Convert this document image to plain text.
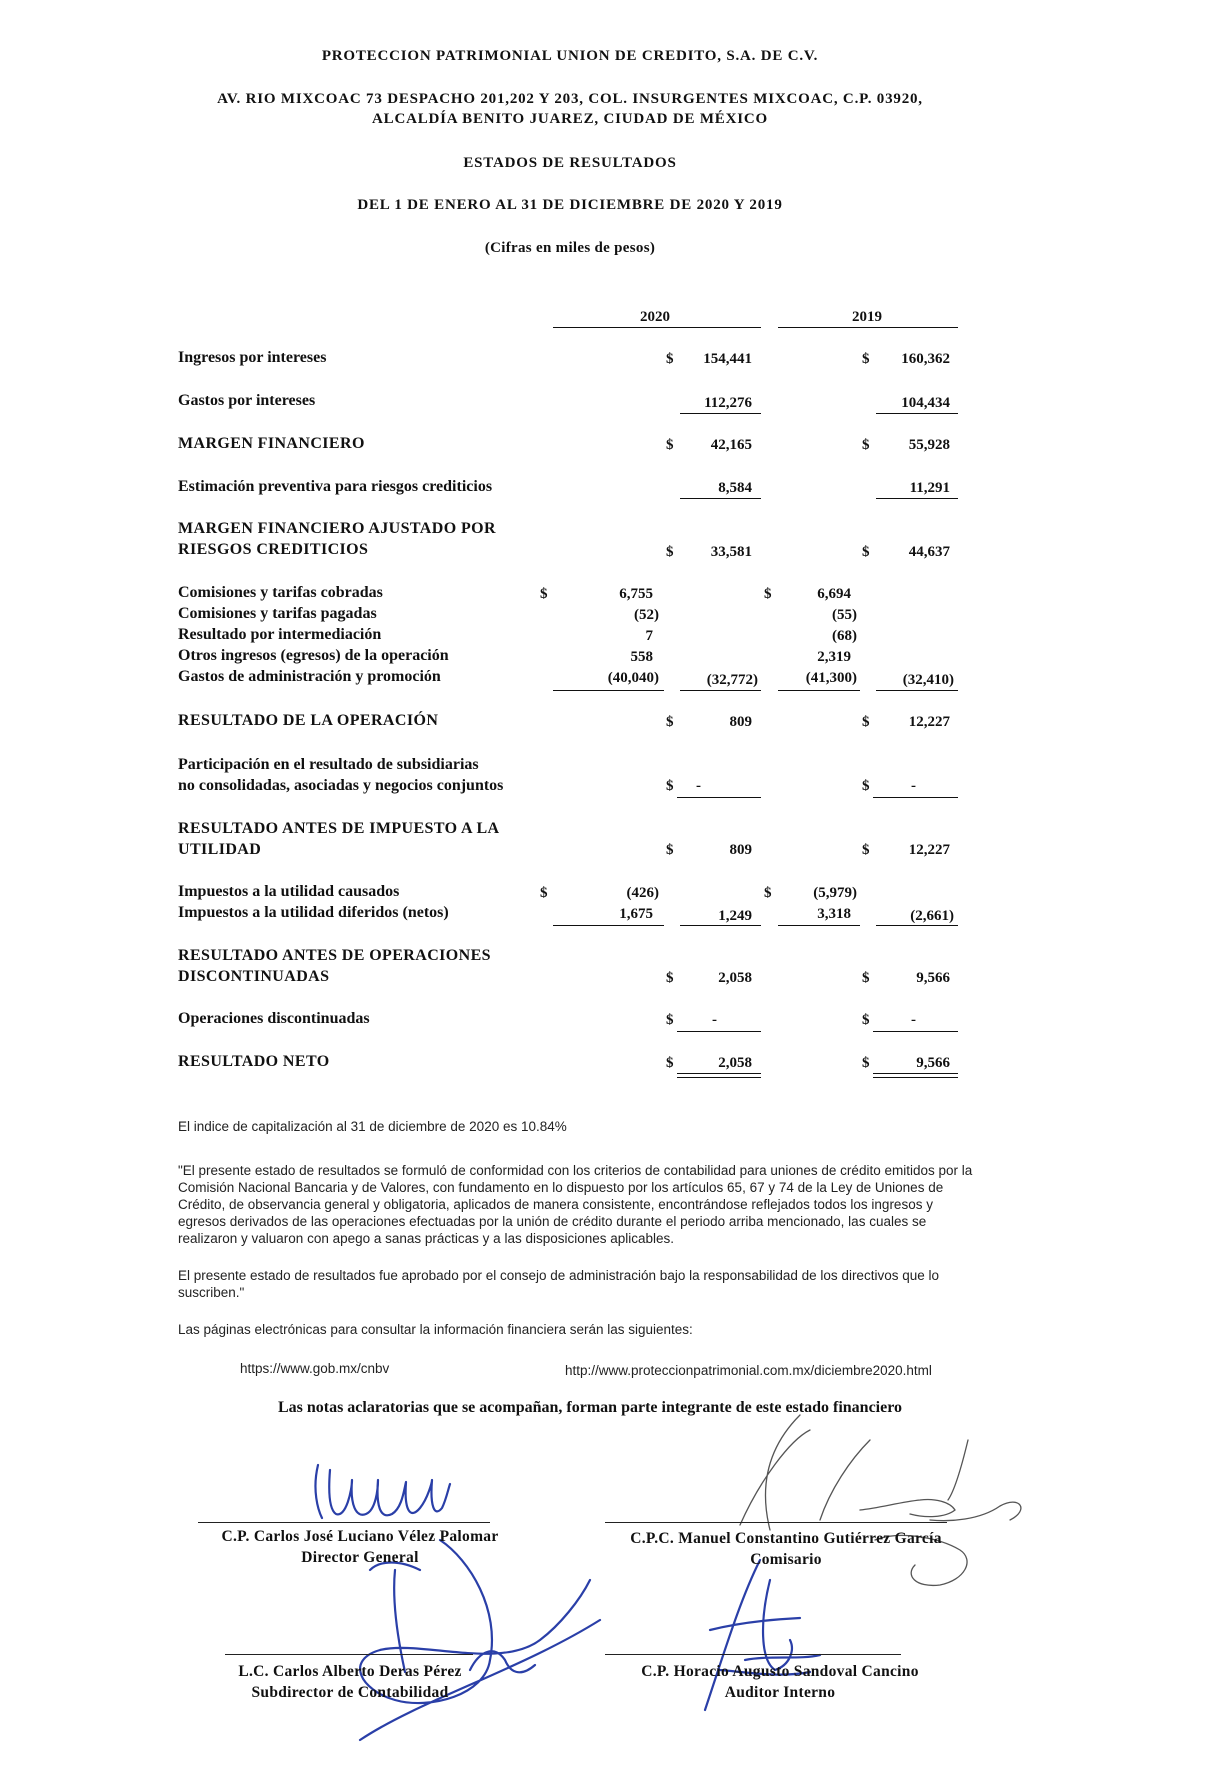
PROTECCION PATRIMONIAL UNION DE CREDITO, S.A. DE C.V.
AV. RIO MIXCOAC 73 DESPACHO 201,202 Y 203, COL. INSURGENTES MIXCOAC, C.P. 03920,
ALCALDÍA BENITO JUAREZ, CIUDAD DE MÉXICO
ESTADOS DE RESULTADOS
DEL 1 DE ENERO AL 31 DE DICIEMBRE DE 2020 Y 2019
(Cifras en miles de pesos)
2020	2019
Ingresos por intereses	$	154,441	$	160,362
Gastos por intereses	112,276	104,434
MARGEN FINANCIERO	$	42,165	$	55,928
Estimación preventiva para riesgos crediticios	8,584	11,291
MARGEN FINANCIERO AJUSTADO POR
RIESGOS CREDITICIOS	$	33,581	$	44,637
Comisiones y tarifas cobradas	$	6,755	$	6,694
Comisiones y tarifas pagadas	(52)	(55)
Resultado por intermediación	7	(68)
Otros ingresos (egresos) de la operación	558	2,319
Gastos de administración y promoción	(40,040)	(32,772)	(41,300)	(32,410)
RESULTADO DE LA OPERACIÓN	$	809	$	12,227
Participación en el resultado de subsidiarias
no consolidadas, asociadas y negocios conjuntos	$ -	$	-
RESULTADO ANTES DE IMPUESTO A LA
UTILIDAD	$	809	$	12,227
Impuestos a la utilidad causados	$	(426)	$	(5,979)
Impuestos a la utilidad diferidos (netos)	1,675	1,249	3,318	(2,661)
RESULTADO ANTES DE OPERACIONES
DISCONTINUADAS	$	2,058	$	9,566
Operaciones discontinuadas	$	-	$	-
RESULTADO NETO	$	2,058	$	9,566
El indice de capitalización al 31 de diciembre de 2020 es 10.84%
"El presente estado de resultados se formuló de conformidad con los criterios de contabilidad para uniones de crédito emitidos por la
Comisión Nacional Bancaria y de Valores, con fundamento en lo dispuesto por los artículos 65, 67 y 74 de la Ley de Uniones de
Crédito, de observancia general y obligatoria, aplicados de manera consistente, encontrándose reflejados todos los ingresos y
egresos derivados de las operaciones efectuadas por la unión de crédito durante el periodo arriba mencionado, las cuales se
realizaron y valuaron con apego a sanas prácticas y a las disposiciones aplicables.
El presente estado de resultados fue aprobado por el consejo de administración bajo la responsabilidad de los directivos que lo
suscriben."
Las páginas electrónicas para consultar la información financiera serán las siguientes:
https://www.gob.mx/cnbv	http://www.proteccionpatrimonial.com.mx/diciembre2020.html
Las notas aclaratorias que se acompañan, forman parte integrante de este estado financiero
C.P. Carlos José Luciano Vélez Palomar
Director General
C.P.C. Manuel Constantino Gutiérrez García
Comisario
L.C. Carlos Alberto Deras Pérez
Subdirector de Contabilidad
C.P. Horacio Augusto Sandoval Cancino
Auditor Interno
